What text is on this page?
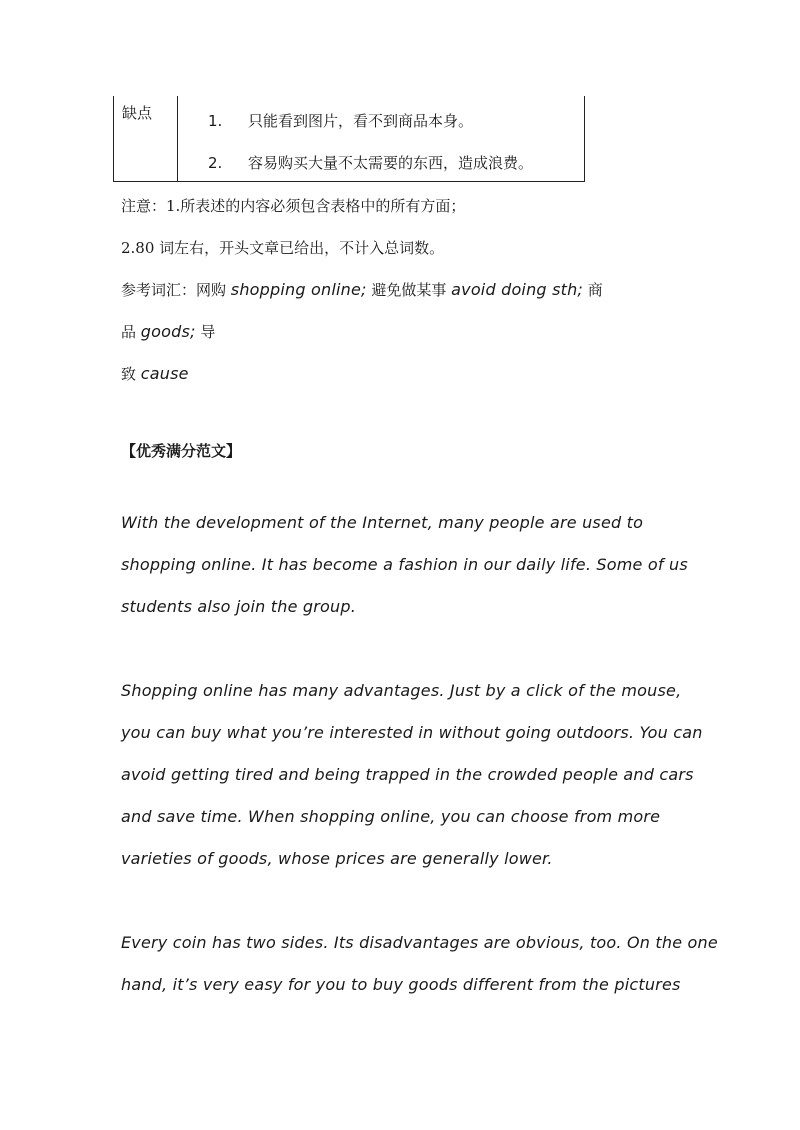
缺点	1. 只能看到图片，看不到商品本身。
2. 容易购买大量不太需要的东西，造成浪费。
注意：1.所表述的内容必须包含表格中的所有方面；
2.80 词左右，开头文章已给出，不计入总词数。
参考词汇：网购 shopping online; 避免做某事 avoid doing sth; 商
品 goods; 导
致 cause
【优秀满分范文】
With the development of the Internet, many people are used to
shopping online. It has become a fashion in our daily life. Some of us
students also join the group.
Shopping online has many advantages. Just by a click of the mouse,
you can buy what you’re interested in without going outdoors. You can
avoid getting tired and being trapped in the crowded people and cars
and save time. When shopping online, you can choose from more
varieties of goods, whose prices are generally lower.
Every coin has two sides. Its disadvantages are obvious, too. On the one
hand, it’s very easy for you to buy goods different from the pictures
